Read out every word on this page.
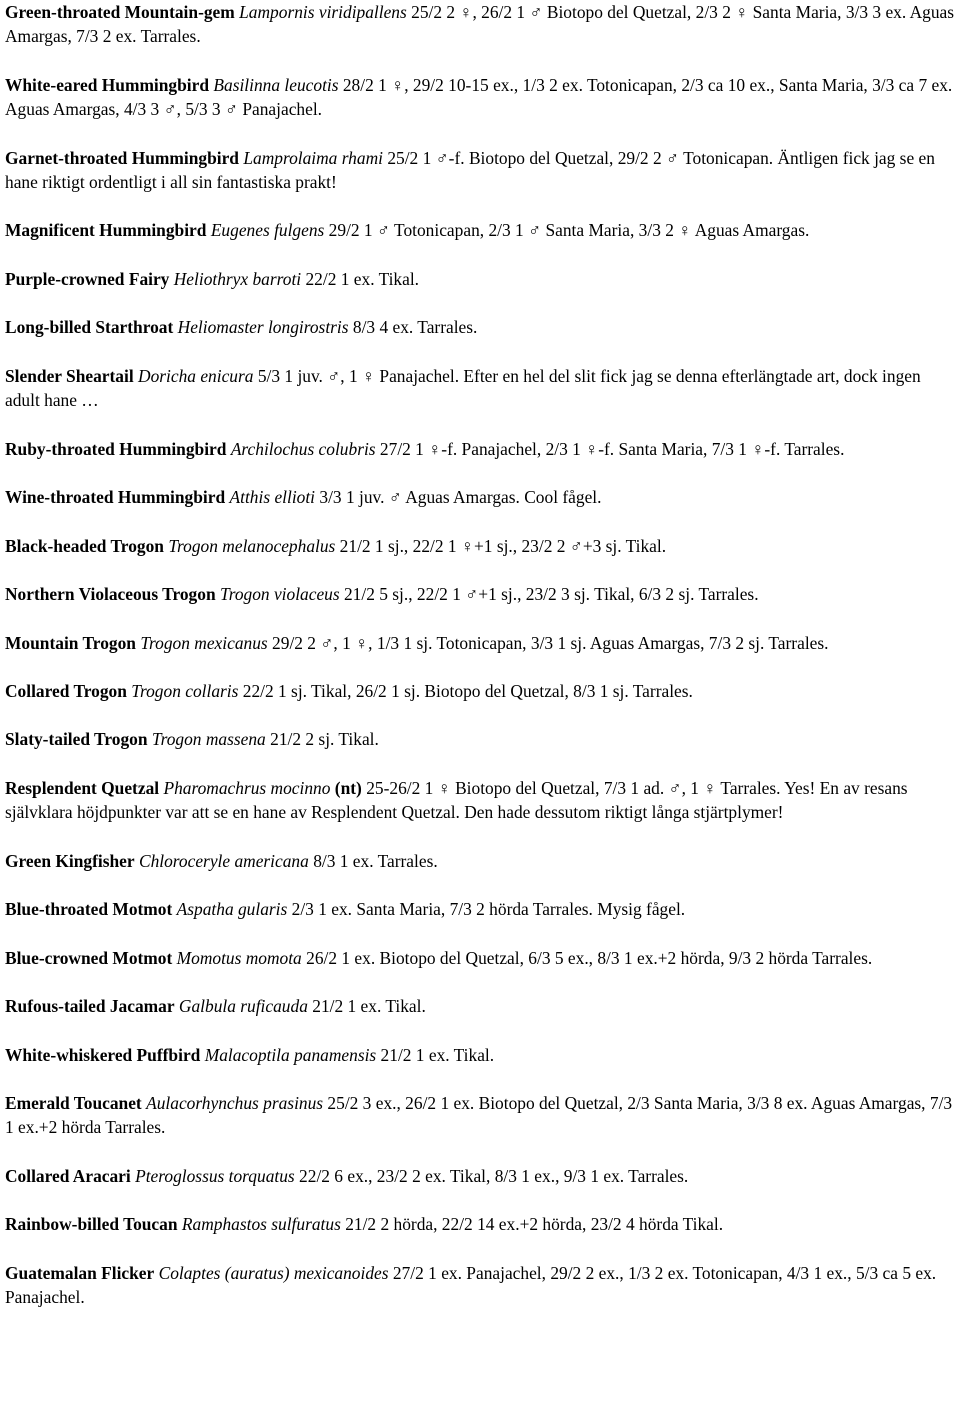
Green-throated Mountain-gem Lampornis viridipallens 25/2 2 ♀, 26/2 1 ♂ Biotopo del Quetzal, 2/3 2 ♀ Santa Maria, 3/3 3 ex. Aguas Amargas, 7/3 2 ex. Tarrales.

White-eared Hummingbird Basilinna leucotis 28/2 1 ♀, 29/2 10-15 ex., 1/3 2 ex. Totonicapan, 2/3 ca 10 ex., Santa Maria, 3/3 ca 7 ex. Aguas Amargas, 4/3 3 ♂, 5/3 3 ♂ Panajachel.

Garnet-throated Hummingbird Lamprolaima rhami 25/2 1 ♂-f. Biotopo del Quetzal, 29/2 2 ♂ Totonicapan. Äntligen fick jag se en hane riktigt ordentligt i all sin fantastiska prakt!

Magnificent Hummingbird Eugenes fulgens 29/2 1 ♂ Totonicapan, 2/3 1 ♂ Santa Maria, 3/3 2 ♀ Aguas Amargas.

Purple-crowned Fairy Heliothryx barroti 22/2 1 ex. Tikal.

Long-billed Starthroat Heliomaster longirostris 8/3 4 ex. Tarrales.

Slender Sheartail Doricha enicura 5/3 1 juv. ♂, 1 ♀ Panajachel. Efter en hel del slit fick jag se denna efterlängtade art, dock ingen adult hane …

Ruby-throated Hummingbird Archilochus colubris 27/2 1 ♀-f. Panajachel, 2/3 1 ♀-f. Santa Maria, 7/3 1 ♀-f. Tarrales.

Wine-throated Hummingbird Atthis ellioti 3/3 1 juv. ♂ Aguas Amargas. Cool fågel.

Black-headed Trogon Trogon melanocephalus 21/2 1 sj., 22/2 1 ♀+1 sj., 23/2 2 ♂+3 sj. Tikal.

Northern Violaceous Trogon Trogon violaceus 21/2 5 sj., 22/2 1 ♂+1 sj., 23/2 3 sj. Tikal, 6/3 2 sj. Tarrales.

Mountain Trogon Trogon mexicanus 29/2 2 ♂, 1 ♀, 1/3 1 sj. Totonicapan, 3/3 1 sj. Aguas Amargas, 7/3 2 sj. Tarrales.

Collared Trogon Trogon collaris 22/2 1 sj. Tikal, 26/2 1 sj. Biotopo del Quetzal, 8/3 1 sj. Tarrales.

Slaty-tailed Trogon Trogon massena 21/2 2 sj. Tikal.

Resplendent Quetzal Pharomachrus mocinno (nt) 25-26/2 1 ♀ Biotopo del Quetzal, 7/3 1 ad. ♂, 1 ♀ Tarrales. Yes! En av resans självklara höjdpunkter var att se en hane av Resplendent Quetzal. Den hade dessutom riktigt långa stjärtplymer!

Green Kingfisher Chloroceryle americana 8/3 1 ex. Tarrales.

Blue-throated Motmot Aspatha gularis 2/3 1 ex. Santa Maria, 7/3 2 hörda Tarrales. Mysig fågel.

Blue-crowned Motmot Momotus momota 26/2 1 ex. Biotopo del Quetzal, 6/3 5 ex., 8/3 1 ex.+2 hörda, 9/3 2 hörda Tarrales.

Rufous-tailed Jacamar Galbula ruficauda 21/2 1 ex. Tikal.

White-whiskered Puffbird Malacoptila panamensis 21/2 1 ex. Tikal.

Emerald Toucanet Aulacorhynchus prasinus 25/2 3 ex., 26/2 1 ex. Biotopo del Quetzal, 2/3 Santa Maria, 3/3 8 ex. Aguas Amargas, 7/3 1 ex.+2 hörda Tarrales.

Collared Aracari Pteroglossus torquatus 22/2 6 ex., 23/2 2 ex. Tikal, 8/3 1 ex., 9/3 1 ex. Tarrales.

Rainbow-billed Toucan Ramphastos sulfuratus 21/2 2 hörda, 22/2 14 ex.+2 hörda, 23/2 4 hörda Tikal.

Guatemalan Flicker Colaptes (auratus) mexicanoides 27/2 1 ex. Panajachel, 29/2 2 ex., 1/3 2 ex. Totonicapan, 4/3 1 ex., 5/3 ca 5 ex. Panajachel.
